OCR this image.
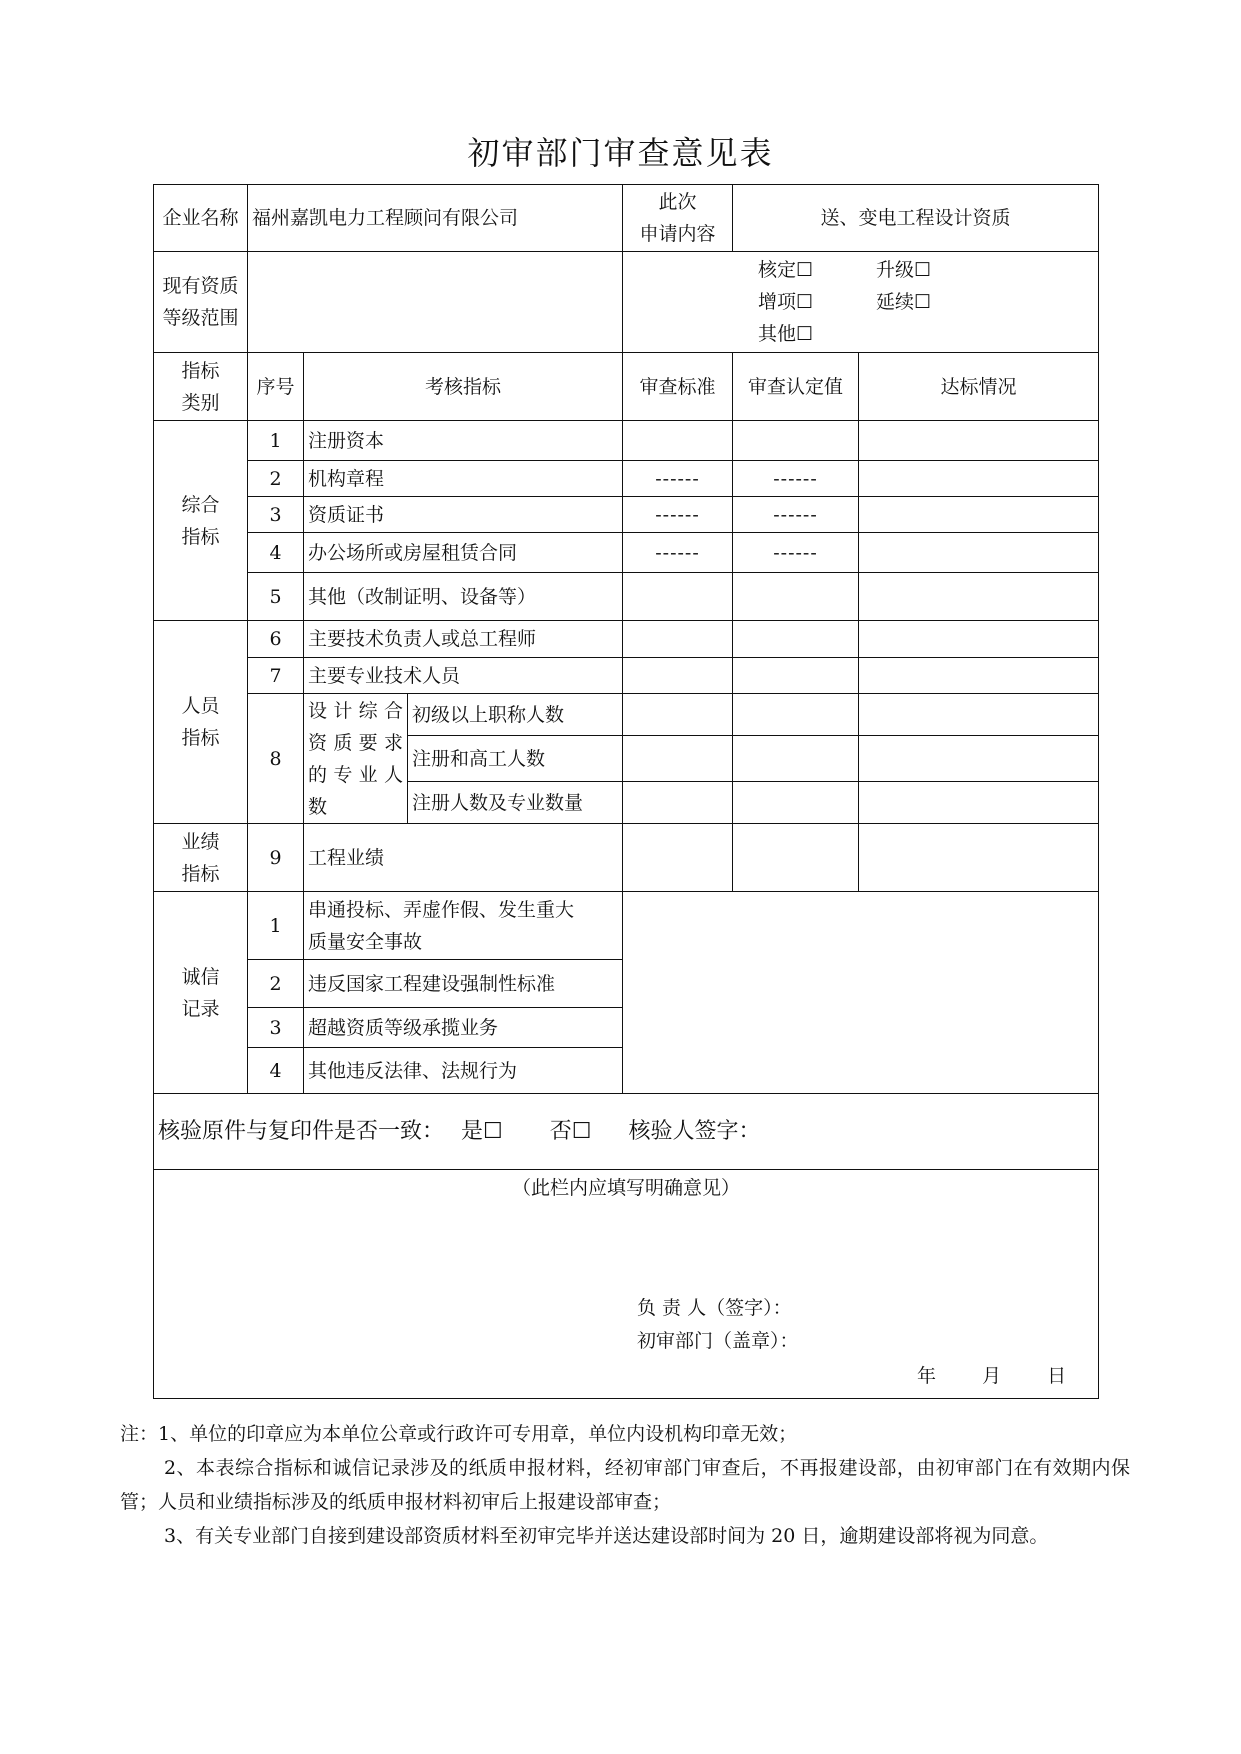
初审部门审查意见表
企业名称	福州嘉凯电力工程顾问有限公司			此次
申请内容	送、变电工程设计资质	

现有资质
等级范围				核定☐ 升级☐
增项☐ 延续☐
其他☐		

指标
类别	序号	考核指标		审查标准	审查认定值	达标情况

综合
指标	1	注册资本				
	2	机构章程		------	------	
	3	资质证书		------	------	
	4	办公场所或房屋租赁合同		------	------	
	5	其他（改制证明、设备等）				

人员
指标	6	主要技术负责人或总工程师				
	7	主要专业技术人员				
	8	设计综合
资质要求
的专业人
数	初级以上职称人数			
			注册和高工人数			
			注册人数及专业数量			

业绩
指标	9	工程业绩				

诚信
记录	1	串通投标、弄虚作假、发生重大
质量安全事故				

	2	违反国家工程建设强制性标准				
	3	超越资质等级承揽业务				
	4	其他违反法律、法规行为				
核验原件与复印件是否一致： 是☐ 否☐ 核验人签字：						

（此栏内应填写明确意见）
负 责 人（签字）：
初审部门（盖章）：
年 月 日						

注：1、单位的印章应为本单位公章或行政许可专用章，单位内设机构印章无效；

2、本表综合指标和诚信记录涉及的纸质申报材料，经初审部门审查后，不再报建设部，由初审部门在有效期内保管；人员和业绩指标涉及的纸质申报材料初审后上报建设部审查；

3、有关专业部门自接到建设部资质材料至初审完毕并送达建设部时间为 20 日，逾期建设部将视为同意。
